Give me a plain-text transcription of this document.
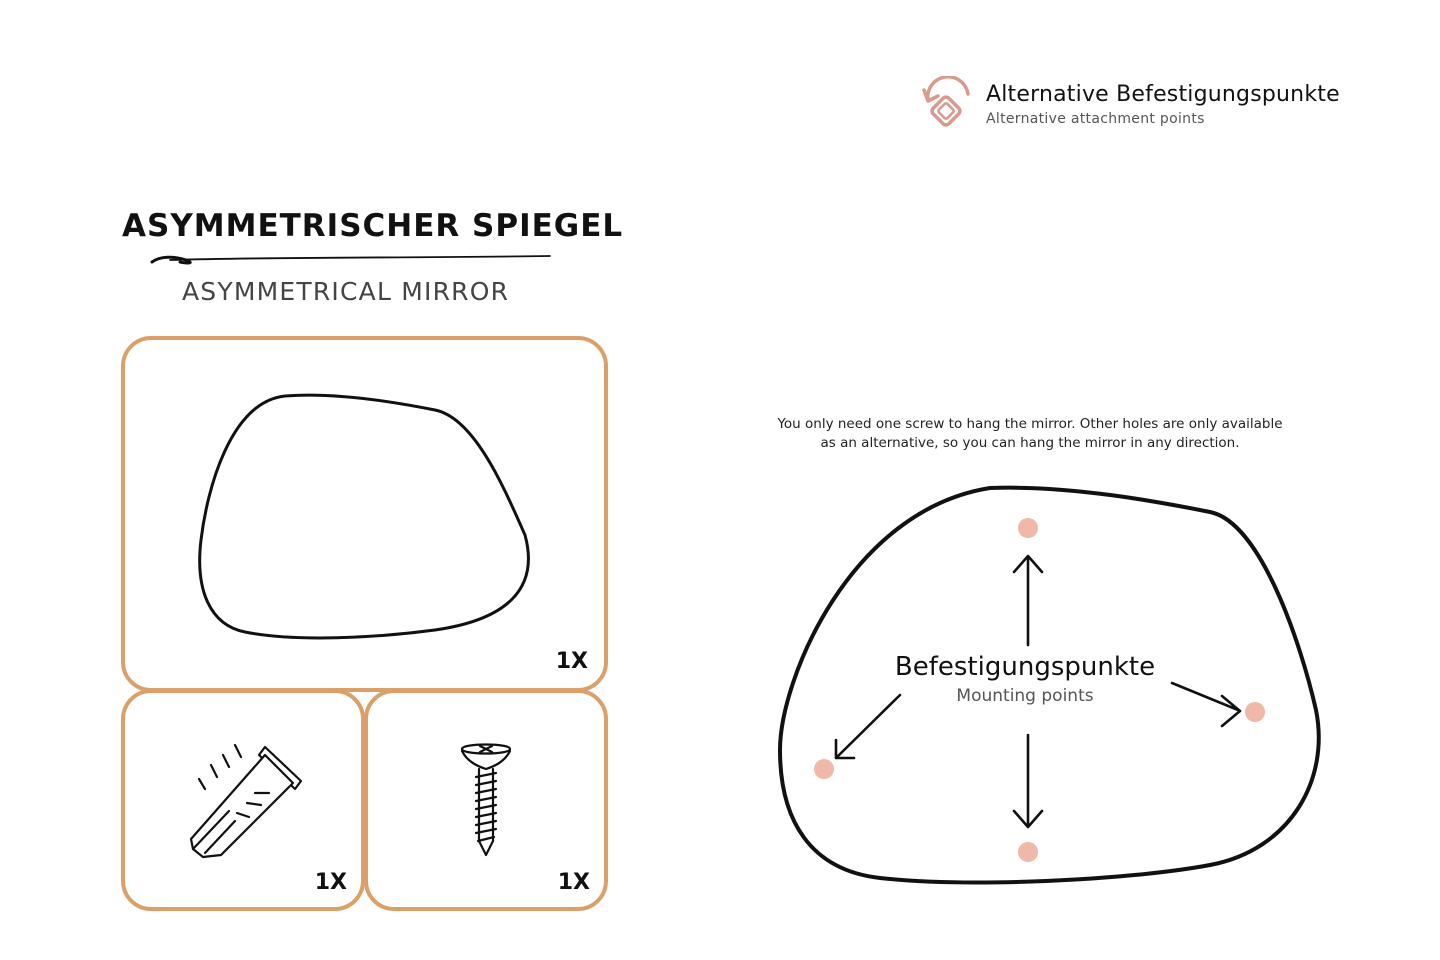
Alternative Befestigungspunkte
Alternative attachment points
ASYMMETRISCHER SPIEGEL
ASYMMETRICAL MIRROR
1X
1X	1X
You only need one screw to hang the mirror. Other holes are only available
as an alternative, so you can hang the mirror in any direction.
Befestigungspunkte
Mounting points
